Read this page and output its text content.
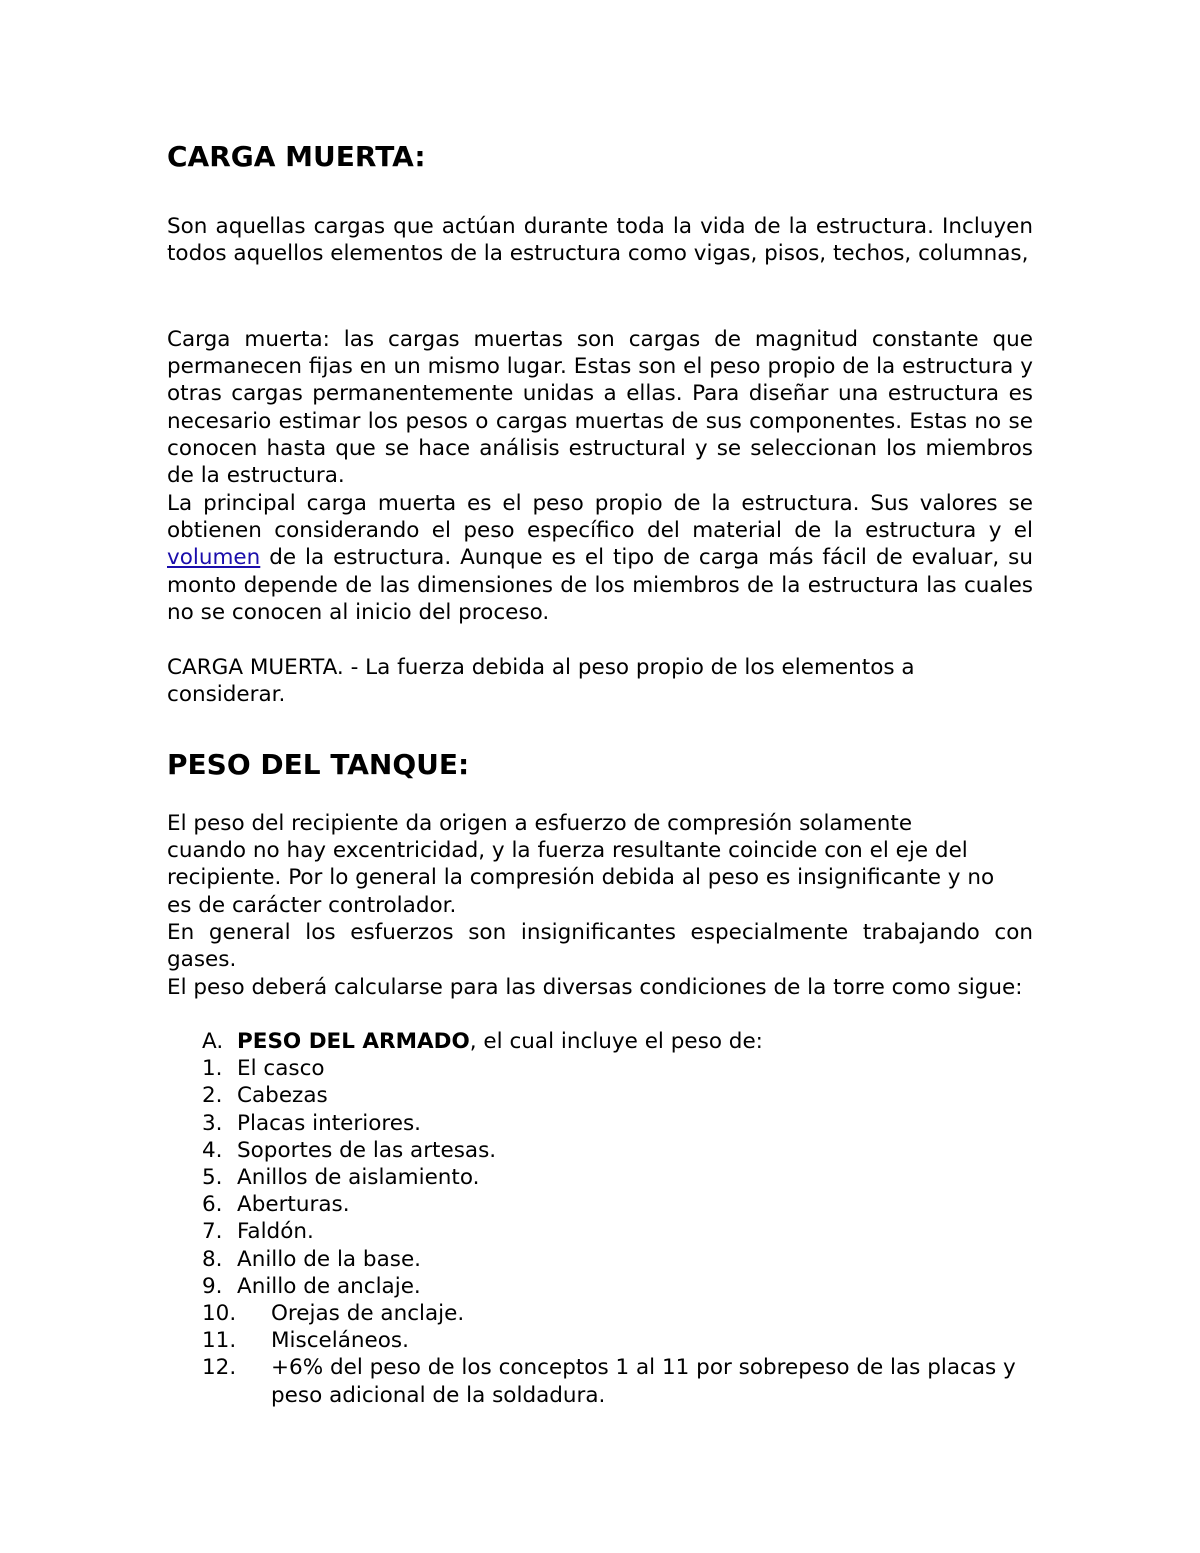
CARGA MUERTA:

Son aquellas cargas que actúan durante toda la vida de la estructura. Incluyen todos aquellos elementos de la estructura como vigas, pisos, techos, columnas,

Carga muerta: las cargas muertas son cargas de magnitud constante que permanecen fijas en un mismo lugar. Estas son el peso propio de la estructura y otras cargas permanentemente unidas a ellas. Para diseñar una estructura es necesario estimar los pesos o cargas muertas de sus componentes. Estas no se conocen hasta que se hace análisis estructural y se seleccionan los miembros de la estructura.

La principal carga muerta es el peso propio de la estructura. Sus valores se obtienen considerando el peso específico del material de la estructura y el volumen de la estructura. Aunque es el tipo de carga más fácil de evaluar, su monto depende de las dimensiones de los miembros de la estructura las cuales no se conocen al inicio del proceso.

CARGA MUERTA. - La fuerza debida al peso propio de los elementos a considerar.

PESO DEL TANQUE:

El peso del recipiente da origen a esfuerzo de compresión solamente cuando no hay excentricidad, y la fuerza resultante coincide con el eje del recipiente. Por lo general la compresión debida al peso es insignificante y no es de carácter controlador.

En general los esfuerzos son insignificantes especialmente trabajando con gases.

El peso deberá calcularse para las diversas condiciones de la torre como sigue:

A. PESO DEL ARMADO, el cual incluye el peso de:
1. El casco
2. Cabezas
3. Placas interiores.
4. Soportes de las artesas.
5. Anillos de aislamiento.
6. Aberturas.
7. Faldón.
8. Anillo de la base.
9. Anillo de anclaje.
10. Orejas de anclaje.
11. Misceláneos.
12. +6% del peso de los conceptos 1 al 11 por sobrepeso de las placas y peso adicional de la soldadura.
